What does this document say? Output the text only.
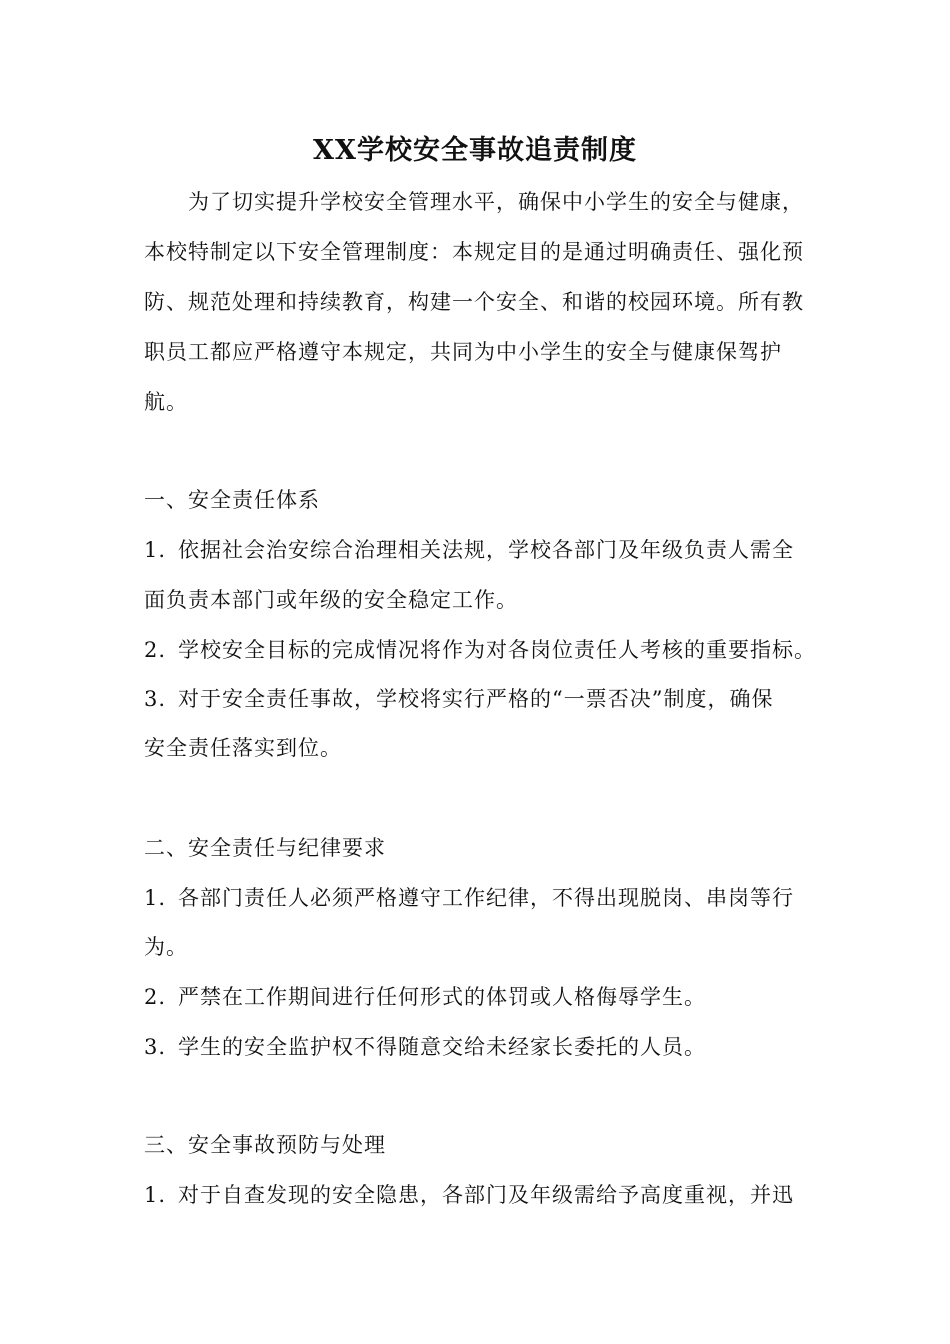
XX学校安全事故追责制度
为了切实提升学校安全管理水平，确保中小学生的安全与健康，本校特制定以下安全管理制度：本规定目的是通过明确责任、强化预防、规范处理和持续教育，构建一个安全、和谐的校园环境。所有教职员工都应严格遵守本规定，共同为中小学生的安全与健康保驾护航。
一、安全责任体系
1. 依据社会治安综合治理相关法规，学校各部门及年级负责人需全
面负责本部门或年级的安全稳定工作。
2. 学校安全目标的完成情况将作为对各岗位责任人考核的重要指标。
3. 对于安全责任事故，学校将实行严格的“一票否决”制度，确保
安全责任落实到位。
二、安全责任与纪律要求
1. 各部门责任人必须严格遵守工作纪律，不得出现脱岗、串岗等行
为。
2. 严禁在工作期间进行任何形式的体罚或人格侮辱学生。
3. 学生的安全监护权不得随意交给未经家长委托的人员。
三、安全事故预防与处理
1. 对于自查发现的安全隐患，各部门及年级需给予高度重视，并迅
